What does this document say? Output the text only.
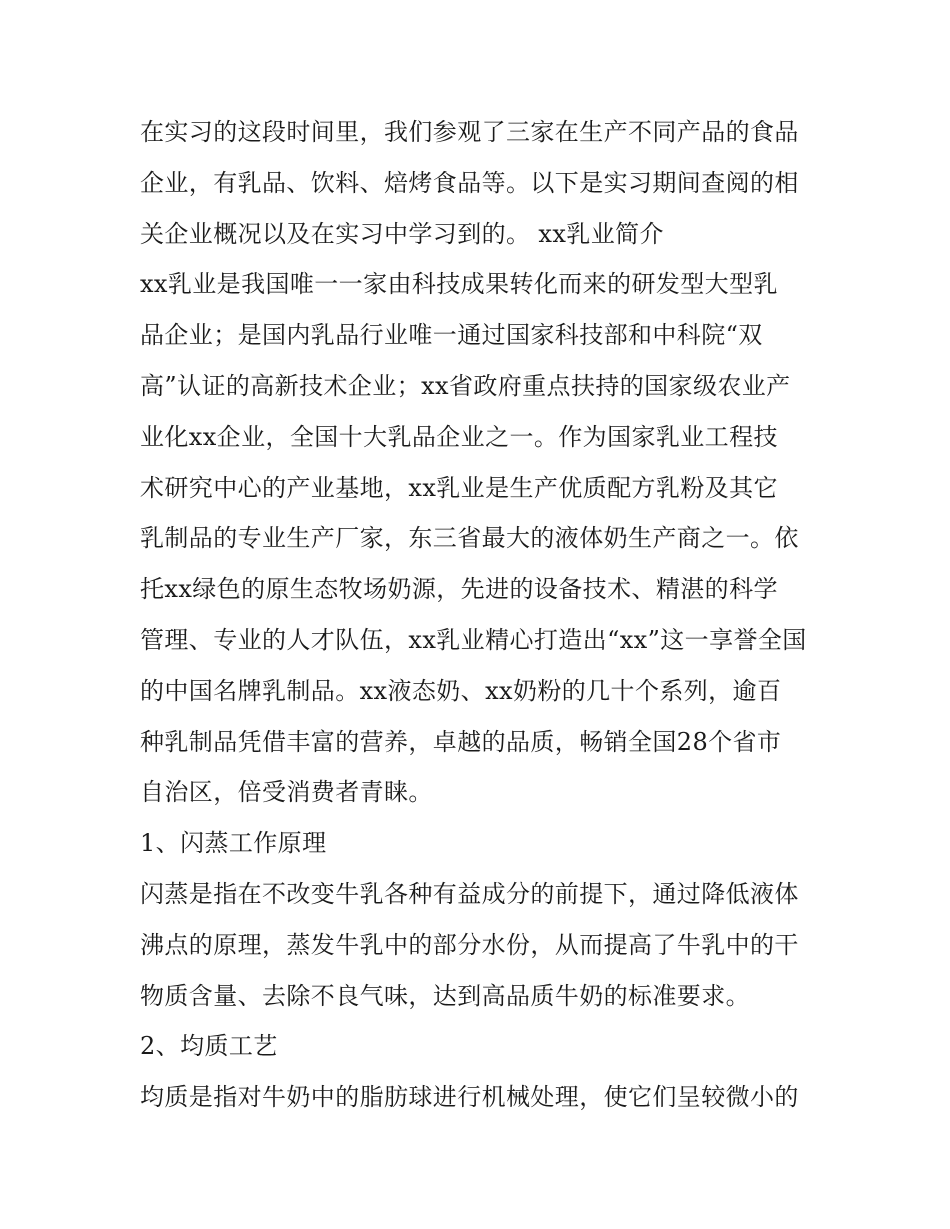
在实习的这段时间里，我们参观了三家在生产不同产品的食品
企业，有乳品、饮料、焙烤食品等。以下是实习期间查阅的相
关企业概况以及在实习中学习到的。 xx乳业简介
xx乳业是我国唯一一家由科技成果转化而来的研发型大型乳
品企业；是国内乳品行业唯一通过国家科技部和中科院“双
高”认证的高新技术企业；xx省政府重点扶持的国家级农业产
业化xx企业，全国十大乳品企业之一。作为国家乳业工程技
术研究中心的产业基地，xx乳业是生产优质配方乳粉及其它
乳制品的专业生产厂家，东三省最大的液体奶生产商之一。依
托xx绿色的原生态牧场奶源，先进的设备技术、精湛的科学
管理、专业的人才队伍，xx乳业精心打造出“xx”这一享誉全国
的中国名牌乳制品。xx液态奶、xx奶粉的几十个系列，逾百
种乳制品凭借丰富的营养，卓越的品质，畅销全国28个省市
自治区，倍受消费者青睐。
1、闪蒸工作原理
闪蒸是指在不改变牛乳各种有益成分的前提下，通过降低液体
沸点的原理，蒸发牛乳中的部分水份，从而提高了牛乳中的干
物质含量、去除不良气味，达到高品质牛奶的标准要求。
2、均质工艺
均质是指对牛奶中的脂肪球进行机械处理，使它们呈较微小的
